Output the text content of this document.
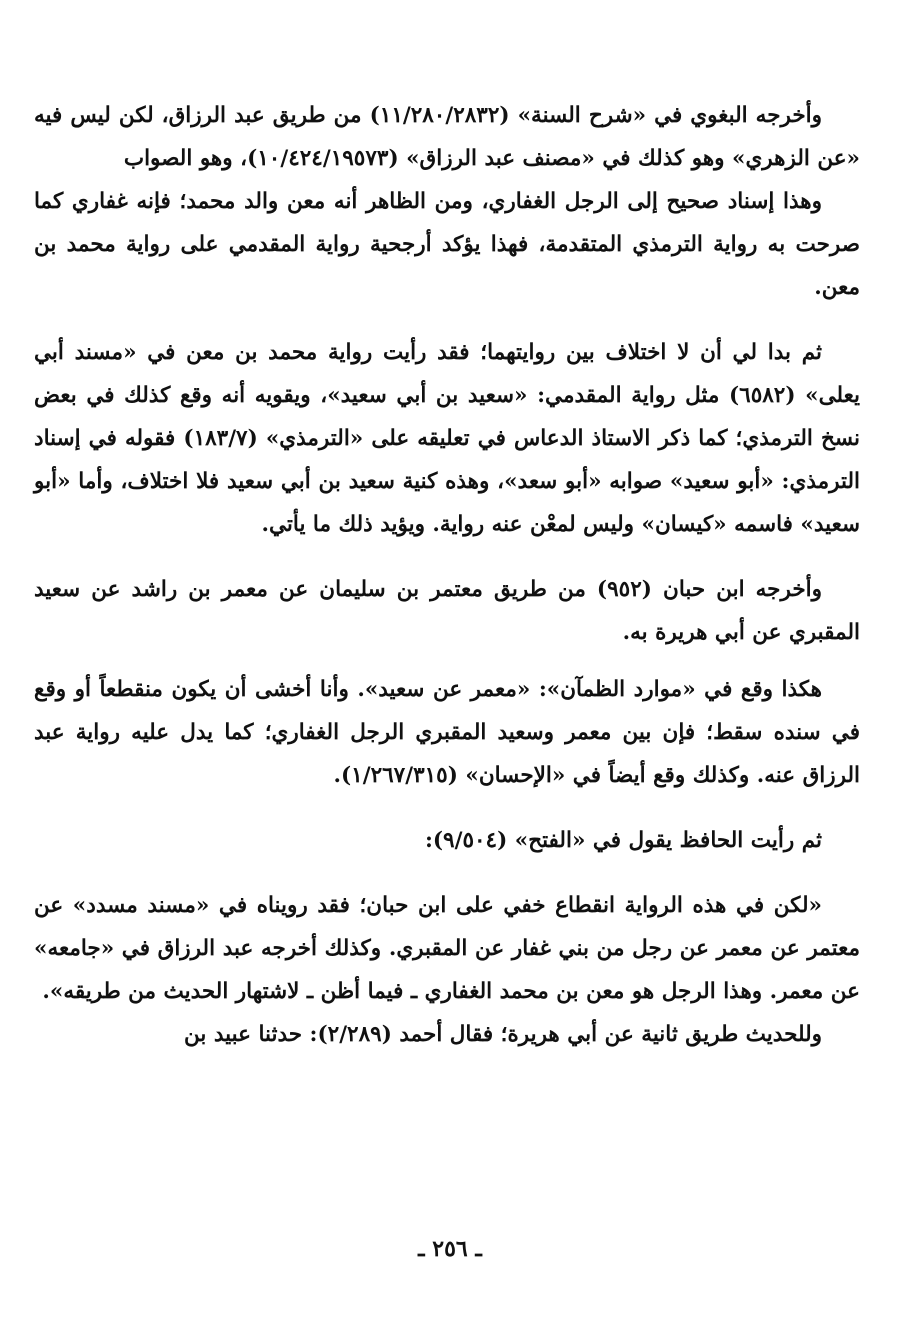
وأخرجه البغوي في «شرح السنة» (١١/٢٨٠/٢٨٣٢) من طريق عبد الرزاق، لكن ليس فيه «عن الزهري» وهو كذلك في «مصنف عبد الرزاق» (١٠/٤٢٤/١٩٥٧٣)، وهو الصواب

وهذا إسناد صحيح إلى الرجل الغفاري، ومن الظاهر أنه معن والد محمد؛ فإنه غفاري كما صرحت به رواية الترمذي المتقدمة، فهذا يؤكد أرجحية رواية المقدمي على رواية محمد بن معن.

ثم بدا لي أن لا اختلاف بين روايتهما؛ فقد رأيت رواية محمد بن معن في «مسند أبي يعلى» (٦٥٨٢) مثل رواية المقدمي: «سعيد بن أبي سعيد»، ويقويه أنه وقع كذلك في بعض نسخ الترمذي؛ كما ذكر الاستاذ الدعاس في تعليقه على «الترمذي» (١٨٣/٧) فقوله في إسناد الترمذي: «أبو سعيد» صوابه «أبو سعد»، وهذه كنية سعيد بن أبي سعيد فلا اختلاف، وأما «أبو سعيد» فاسمه «كيسان» وليس لمعْن عنه رواية. ويؤيد ذلك ما يأتي.

وأخرجه ابن حبان (٩٥٢) من طريق معتمر بن سليمان عن معمر بن راشد عن سعيد المقبري عن أبي هريرة به.

هكذا وقع في «موارد الظمآن»: «معمر عن سعيد». وأنا أخشى أن يكون منقطعاً أو وقع في سنده سقط؛ فإن بين معمر وسعيد المقبري الرجل الغفاري؛ كما يدل عليه رواية عبد الرزاق عنه. وكذلك وقع أيضاً في «الإحسان» (١/٢٦٧/٣١٥).

ثم رأيت الحافظ يقول في «الفتح» (٩/٥٠٤):

«لكن في هذه الرواية انقطاع خفي على ابن حبان؛ فقد رويناه في «مسند مسدد» عن معتمر عن معمر عن رجل من بني غفار عن المقبري. وكذلك أخرجه عبد الرزاق في «جامعه» عن معمر. وهذا الرجل هو معن بن محمد الغفاري ـ فيما أظن ـ لاشتهار الحديث من طريقه».

وللحديث طريق ثانية عن أبي هريرة؛ فقال أحمد (٢/٢٨٩): حدثنا عبيد بن

ـ ٢٥٦ ـ
